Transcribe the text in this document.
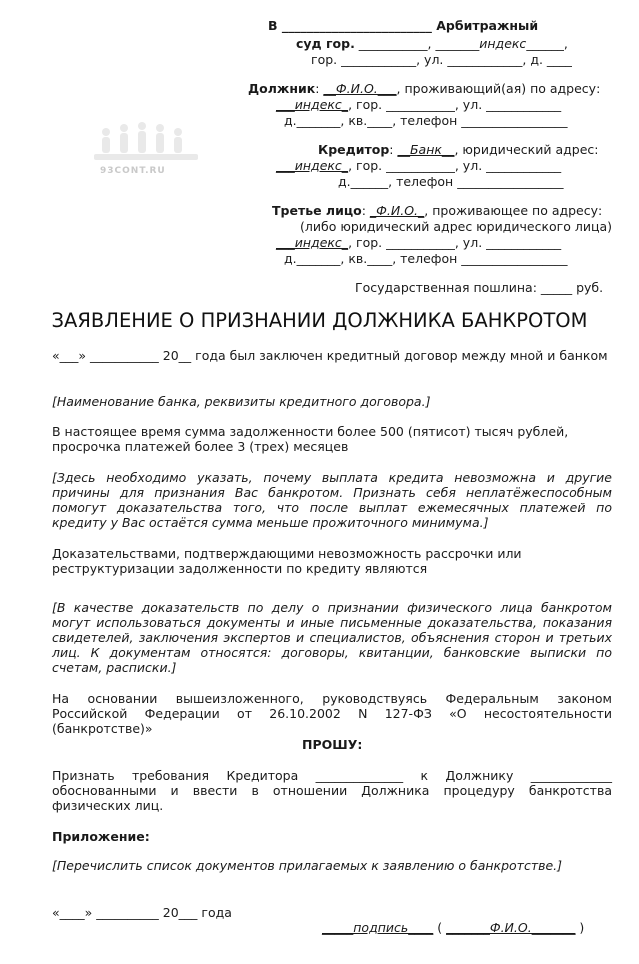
93CONT.RU
В ________________________ Арбитражный
суд гор. ___________, _______индекс______,
гор. ____________, ул. ____________, д. ____
Должник: __Ф.И.О.___, проживающий(ая) по адресу:
___индекс_, гор. ___________, ул. ____________
д._______, кв.____, телефон _________________
Кредитор: __Банк__, юридический адрес:
___индекс_, гор. ___________, ул. ____________
д.______, телефон _________________
Третье лицо: _Ф.И.О._, проживающее по адресу:
(либо юридический адрес юридического лица)
___индекс_, гор. ___________, ул. ____________
д._______, кв.____, телефон _________________
Государственная пошлина: _____ руб.
ЗАЯВЛЕНИЕ О ПРИЗНАНИИ ДОЛЖНИКА БАНКРОТОМ

«___» ___________ 20__ года был заключен кредитный договор между мной и банком

[Наименование банка, реквизиты кредитного договора.]

В настоящее время сумма задолженности более 500 (пятисот) тысяч рублей, просрочка платежей более 3 (трех) месяцев

[Здесь необходимо указать, почему выплата кредита невозможна и другие причины для признания Вас банкротом. Признать себя неплатёжеспособным помогут доказательства того, что после выплат ежемесячных платежей по кредиту у Вас остаётся сумма меньше прожиточного минимума.]

Доказательствами, подтверждающими невозможность рассрочки или реструктуризации задолженности по кредиту являются

[В качестве доказательств по делу о признании физического лица банкротом могут использоваться документы и иные письменные доказательства, показания свидетелей, заключения экспертов и специалистов, объяснения сторон и третьих лиц. К документам относятся: договоры, квитанции, банковские выписки по счетам, расписки.]

На основании вышеизложенного, руководствуясь Федеральным законом Российской Федерации от 26.10.2002 N 127-ФЗ «О несостоятельности (банкротстве)»

ПРОШУ:

Признать требования Кредитора ______________ к Должнику _____________ обоснованными и ввести в отношении Должника процедуру банкротства физических лиц.

Приложение:

[Перечислить список документов прилагаемых к заявлению о банкротстве.]

«____» __________ 20___ года
_____подпись____ ( _______Ф.И.О._______ )
